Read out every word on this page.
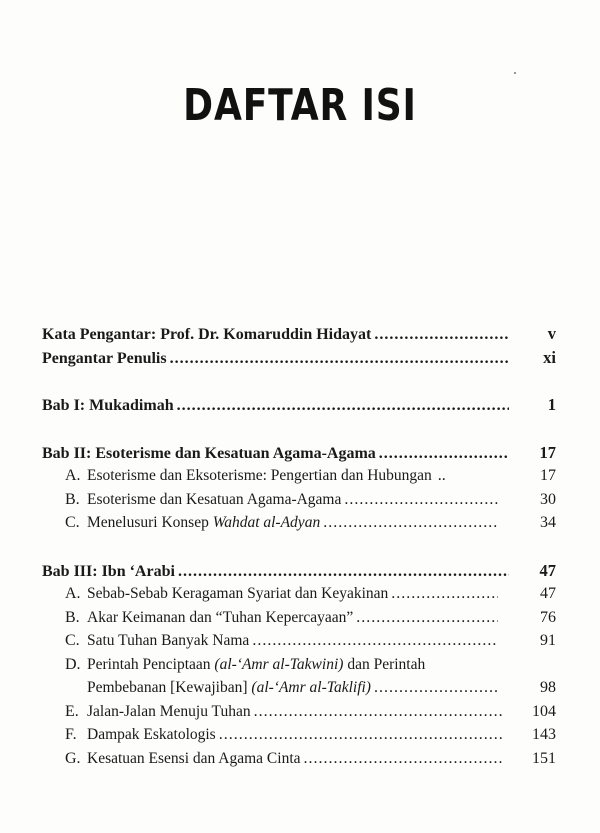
DAFTAR ISI
Kata Pengantar: Prof. Dr. Komaruddin Hidayat .....	v
Pengantar Penulis .....	xi
Bab I: Mukadimah .....	1
Bab II: Esoterisme dan Kesatuan Agama-Agama .....	17
A. Esoterisme dan Eksoterisme: Pengertian dan Hubungan ..	17
B. Esoterisme dan Kesatuan Agama-Agama .....	30
C. Menelusuri Konsep Wahdat al-Adyan .....	34
Bab III: Ibn ‘Arabi .....	47
A. Sebab-Sebab Keragaman Syariat dan Keyakinan .....	47
B. Akar Keimanan dan “Tuhan Kepercayaan” .....	76
C. Satu Tuhan Banyak Nama .....	91
D. Perintah Penciptaan (al-‘Amr al-Takwini) dan Perintah
Pembebanan [Kewajiban] (al-‘Amr al-Taklifi) .....	98
E. Jalan-Jalan Menuju Tuhan .....	104
F. Dampak Eskatologis .....	143
G. Kesatuan Esensi dan Agama Cinta .....	151
